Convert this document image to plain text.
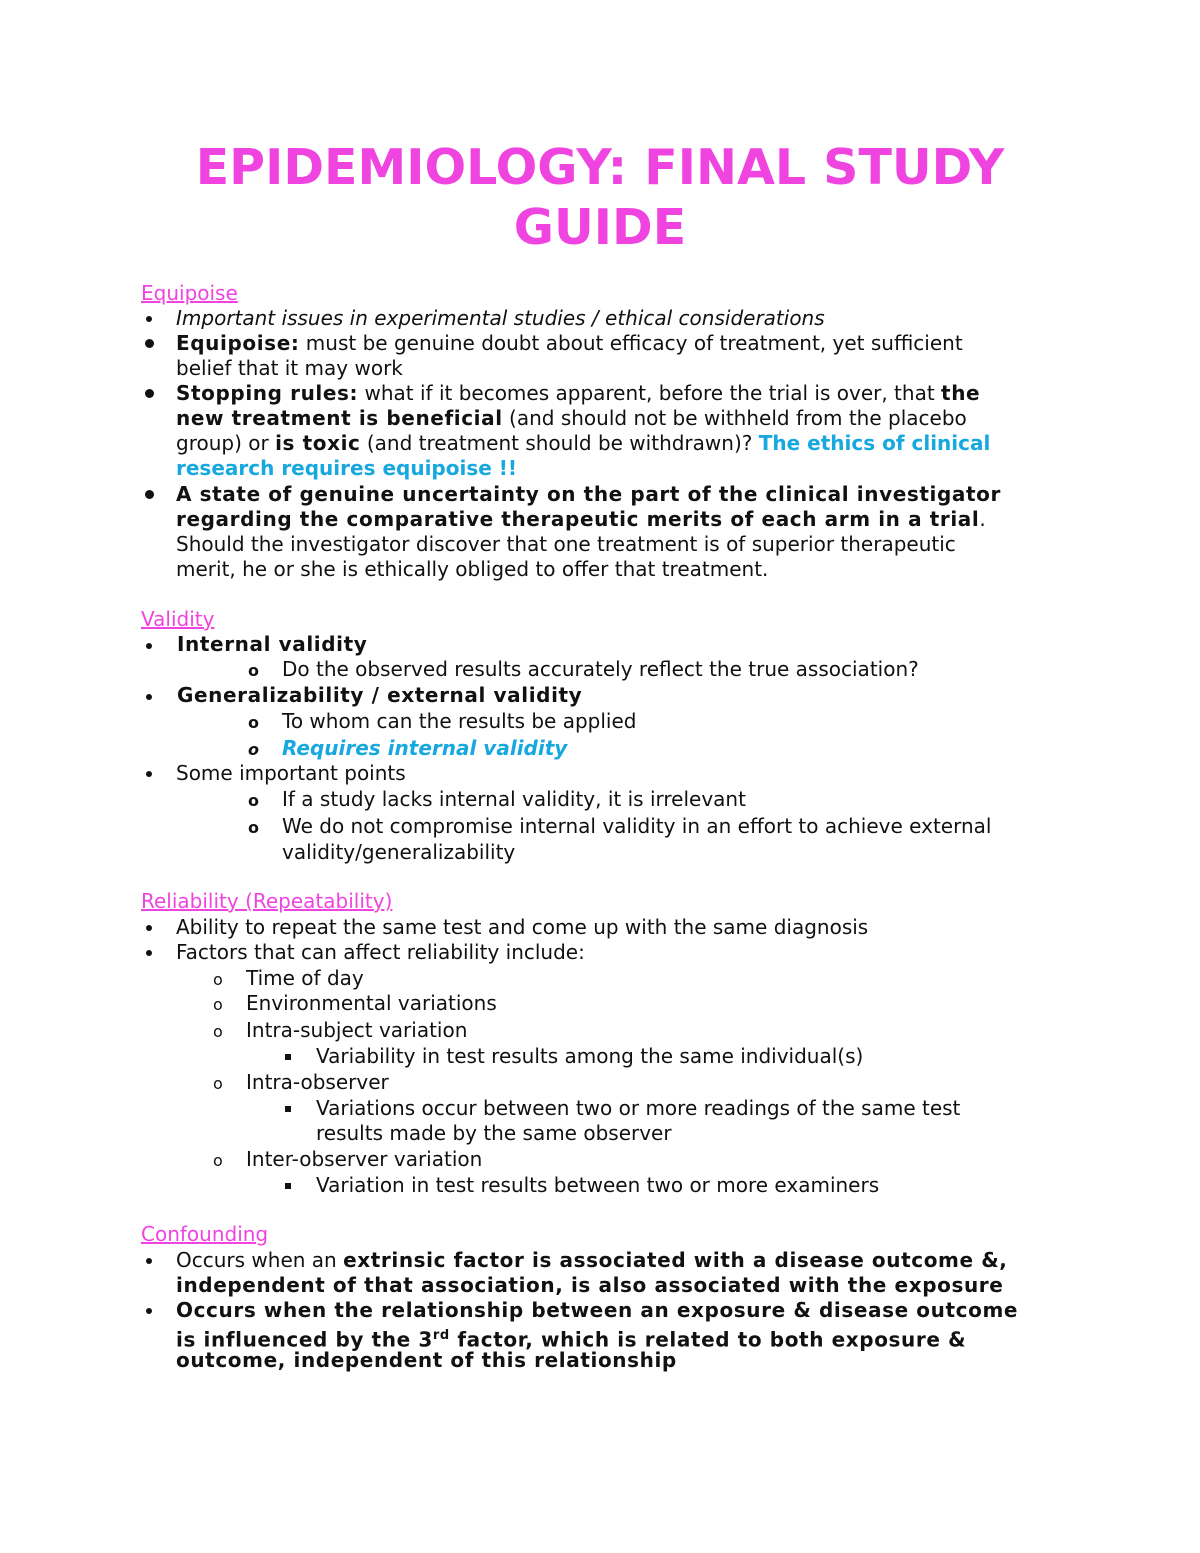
EPIDEMIOLOGY: FINAL STUDY
GUIDE
Equipoise
Important issues in experimental studies / ethical considerations
Equipoise: must be genuine doubt about efficacy of treatment, yet sufficient
belief that it may work
Stopping rules: what if it becomes apparent, before the trial is over, that the
new treatment is beneficial (and should not be withheld from the placebo
group) or is toxic (and treatment should be withdrawn)? The ethics of clinical
research requires equipoise !!
A state of genuine uncertainty on the part of the clinical investigator
regarding the comparative therapeutic merits of each arm in a trial.
Should the investigator discover that one treatment is of superior therapeutic
merit, he or she is ethically obliged to offer that treatment.
Validity
Internal validity
o Do the observed results accurately reflect the true association?
Generalizability / external validity
o To whom can the results be applied
o Requires internal validity
Some important points
o If a study lacks internal validity, it is irrelevant
o We do not compromise internal validity in an effort to achieve external
validity/generalizability
Reliability (Repeatability)
Ability to repeat the same test and come up with the same diagnosis
Factors that can affect reliability include:
o Time of day
o Environmental variations
o Intra-subject variation
Variability in test results among the same individual(s)
o Intra-observer
Variations occur between two or more readings of the same test
results made by the same observer
o Inter-observer variation
Variation in test results between two or more examiners
Confounding
Occurs when an extrinsic factor is associated with a disease outcome &,
independent of that association, is also associated with the exposure
Occurs when the relationship between an exposure & disease outcome
is influenced by the 3rd factor, which is related to both exposure &
outcome, independent of this relationship
